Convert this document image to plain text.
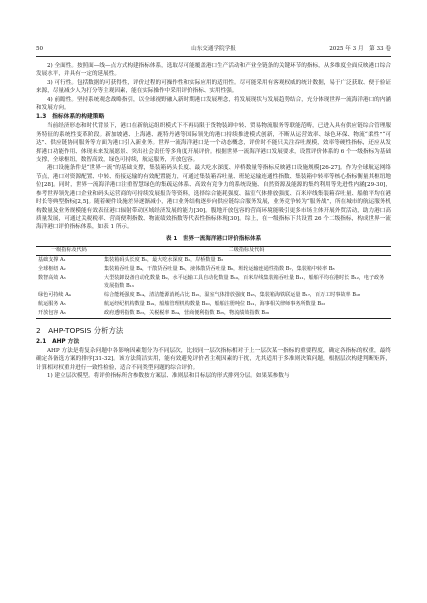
50	山东交通学院学报	2025 年 3 月　第 33 卷

2) 全面性。按照面—线—点方式构建指标体系，选取尽可能覆盖港口生产活动和产业全链条的关键环节的指标，从多维度全面反映港口综合发展水平，并具有一定的延展性。

3) 可行性。包括数据的可获得性，评价过程的可操作性和实际应用的适用性。尽可能采用有客观权威的统计数据，易于广泛获取、便于验证来源，尽量减少人为打分等主观因素，能在实际操作中采用评价指标、实用性强。

4) 前瞻性。坚持系统观念战略指引，以全球视野融入新时期港口发展理念，将发展现状与发展趋势结合，充分体现世界一流海洋港口的内涵和发展方向。

1.3  指标体系的构建策略

当前经济形态和时代背景下，港口在新航运组织模式下不再局限于货物装卸中转、贸易物流服务等联能范畴，已进入具有供应链综合管理服务特征的系统性变革阶段。新加坡港、上海港、鹿特丹港等国际领先的港口持续推进模式创新，不断从运营效率、绿色环保、物流“柔性”“可达”、供应链协同服务等方面为港口引入新业务。世界一流海洋港口是一个动态概念，评价时不能只关注吞吐规模，效率等硬性指标，还应从发挥港口功能作用、体现未来发展愿景、突出社会责任等多角度开展评价。根据世界一流海洋港口发展要求，设置评价体系的 6 个一级指标为基础支撑，全球枢纽，数智高效，绿色可持续，航运服务，开放包容。

港口设施条件是“世界一流”的基础支撑，集装箱码头长度、最大吃水深度、岸桥数量等指标反映港口设施规模[26-27]。作为全球航运网络节点，港口对资源配置、中转、衔接运输的有效配置能力，可通过集装箱吞吐量、班轮运输连通性指数、集装箱中转率等核心指标衡量其枢纽地位[28]。同时，世界一流海洋港口注重智慧绿色的集疏运体系、高效有竞争力的系统设施、自然资源及能源的集约利用等先进性内涵[29-30]，参考世界领先港口企业和码头运营商的可持续发展报告等资料，选择综合能耗强度、温室气体排放强度、百米岸线集装箱吞吐量、船舶平均在港时长等典型指标[2,5]。随着硬件设施差异逐渐减小，港口业务结构逐步向供应链综合服务发展，业务竞争转为“服务战”，所在城市的航运服务机构数量及业务规模能有效表征港口辐射带动区域经济发展的能力[30]。腹地开放包容的营商环境能吸引更多市场主体开展外贸活动，助力港口高质量发展，可通过关税税率、营商便利指数、物流绩效指数等代表性指标体现[30]。综上，在一级指标下共设置 26 个二级指标，构成世界一流海洋港口评价指标体系，如表 1 所示。

表 1　世界一流海洋港口评价指标体系
一级指标及代码	二级指标及代码
基础支撑 A₁	集装箱码头长度 B₁，最大吃水深度 B₂，岸桥数量 B₃
全球枢纽 A₂	集装箱吞吐量 B₄，干散货吞吐量 B₅，液体散货吞吐量 B₆，班轮运输连通性指数 B₇，集装箱中转率 B₈
数智高效 A₃	大型装卸设备自动化数量 B₉，水平运输工具自动化数量 B₁₀，百米岸线集装箱吞吐量 B₁₁，船舶平均在港时长 B₁₂，电子政务发展指数 B₁₃
绿色可持续 A₄	综合能耗强度 B₁₄，清洁能源消耗占比 B₁₅，温室气体排放强度 B₁₆，集装箱海铁联运量 B₁₇，百万工时事故率 B₁₈
航运服务 A₅	航运经纪机构数量 B₁₉，船舶管理机构数量 B₂₀，船舶注册吨位 B₂₁，海事相关律师事务所数量 B₂₂
开放包容 A₆	政府透明指数 B₂₃，关税税率 B₂₄，营商便利指数 B₂₅，物流绩效指数 B₂₆
2  AHP-TOPSIS 分析方法
2.1  AHP 方法

AHP 方法是将复杂问题中各影响因素划分为不同层次，比较同一层次指标相对于上一层次某一指标的重要程度，确定各指标的权重，最终确定各备选方案的排序[31-32]。该方法简洁实用，能有效避免评价者主观因素的干扰，尤其适用于多准则决策问题，根据层次构建判断矩阵，计算相对权重并进行一致性检验，适合不同类型问题的综合评价。

1) 建立层次模型。将评价指标所含参数按方案层、准则层和目标层的形式排列分层。如果某参数与
